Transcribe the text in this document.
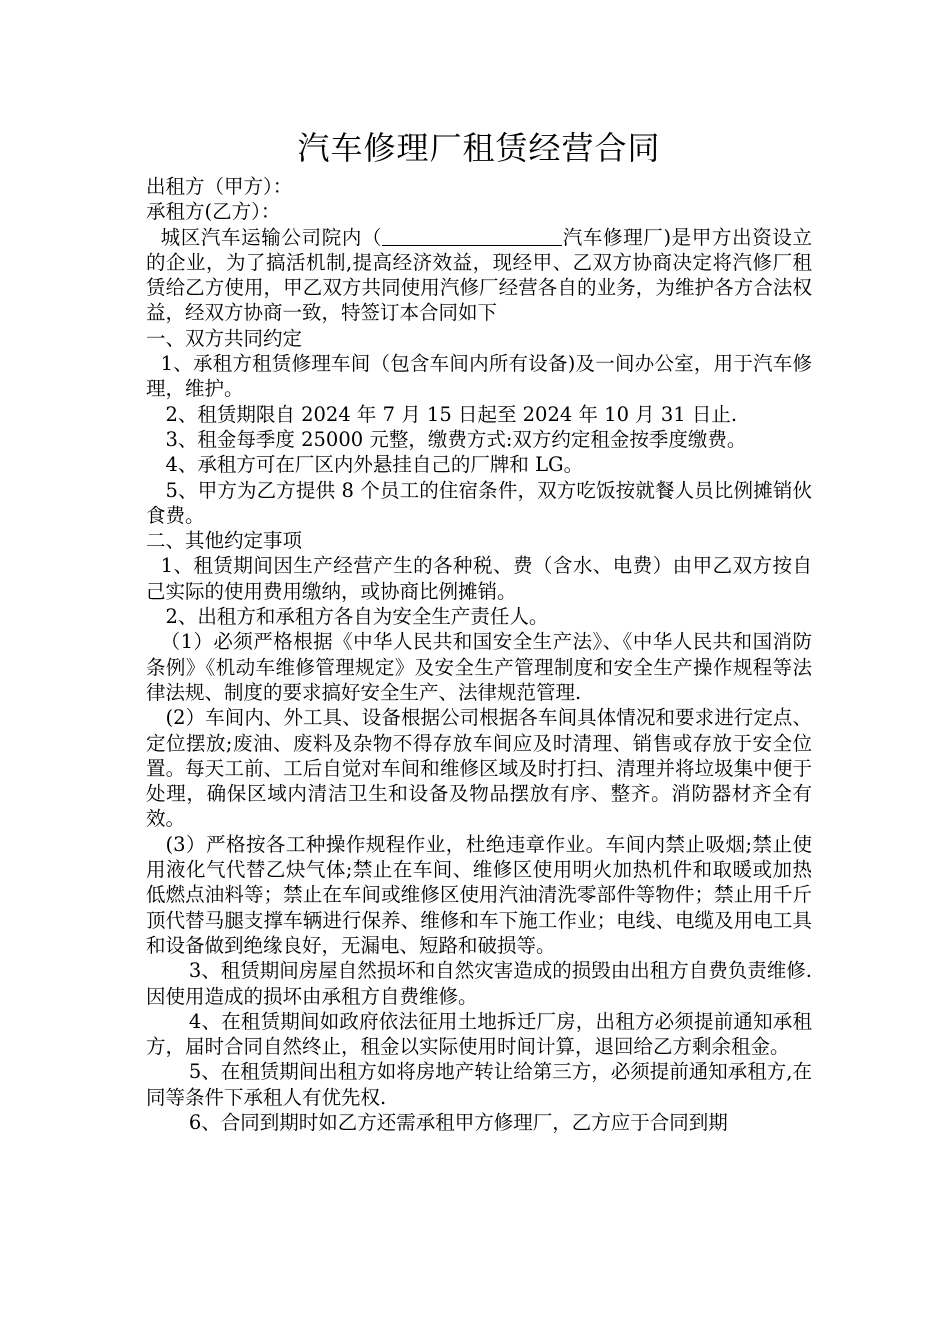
汽车修理厂租赁经营合同

出租方（甲方）：

承租方(乙方）：

城区汽车运输公司院内（	汽车修理厂)是甲方出资设立的企业，为了搞活机制,提高经济效益，现经甲、乙双方协商决定将汽修厂租赁给乙方使用，甲乙双方共同使用汽修厂经营各自的业务，为维护各方合法权益，经双方协商一致，特签订本合同如下

一、双方共同约定

1、承租方租赁修理车间（包含车间内所有设备)及一间办公室，用于汽车修理，维护。

2、租赁期限自 2024 年 7 月 15 日起至 2024 年 10 月 31 日止.

3、租金每季度 25000 元整，缴费方式:双方约定租金按季度缴费。

4、承租方可在厂区内外悬挂自己的厂牌和 LG。

5、甲方为乙方提供 8 个员工的住宿条件，双方吃饭按就餐人员比例摊销伙食费。

二、其他约定事项

1、租赁期间因生产经营产生的各种税、费（含水、电费）由甲乙双方按自己实际的使用费用缴纳，或协商比例摊销。

2、出租方和承租方各自为安全生产责任人。

（1）必须严格根据《中华人民共和国安全生产法》、《中华人民共和国消防条例》《机动车维修管理规定》及安全生产管理制度和安全生产操作规程等法律法规、制度的要求搞好安全生产、法律规范管理.

(2）车间内、外工具、设备根据公司根据各车间具体情况和要求进行定点、定位摆放;废油、废料及杂物不得存放车间应及时清理、销售或存放于安全位置。每天工前、工后自觉对车间和维修区域及时打扫、清理并将垃圾集中便于处理，确保区域内清洁卫生和设备及物品摆放有序、整齐。消防器材齐全有效。

(3）严格按各工种操作规程作业，杜绝违章作业。车间内禁止吸烟;禁止使用液化气代替乙炔气体;禁止在车间、维修区使用明火加热机件和取暖或加热低燃点油料等；禁止在车间或维修区使用汽油清洗零部件等物件；禁止用千斤顶代替马腿支撑车辆进行保养、维修和车下施工作业；电线、电缆及用电工具和设备做到绝缘良好，无漏电、短路和破损等。

3、租赁期间房屋自然损坏和自然灾害造成的损毁由出租方自费负责维修.因使用造成的损坏由承租方自费维修。

4、在租赁期间如政府依法征用土地拆迁厂房，出租方必须提前通知承租方，届时合同自然终止，租金以实际使用时间计算，退回给乙方剩余租金。

5、在租赁期间出租方如将房地产转让给第三方，必须提前通知承租方,在同等条件下承租人有优先权.

6、合同到期时如乙方还需承租甲方修理厂，乙方应于合同到期
